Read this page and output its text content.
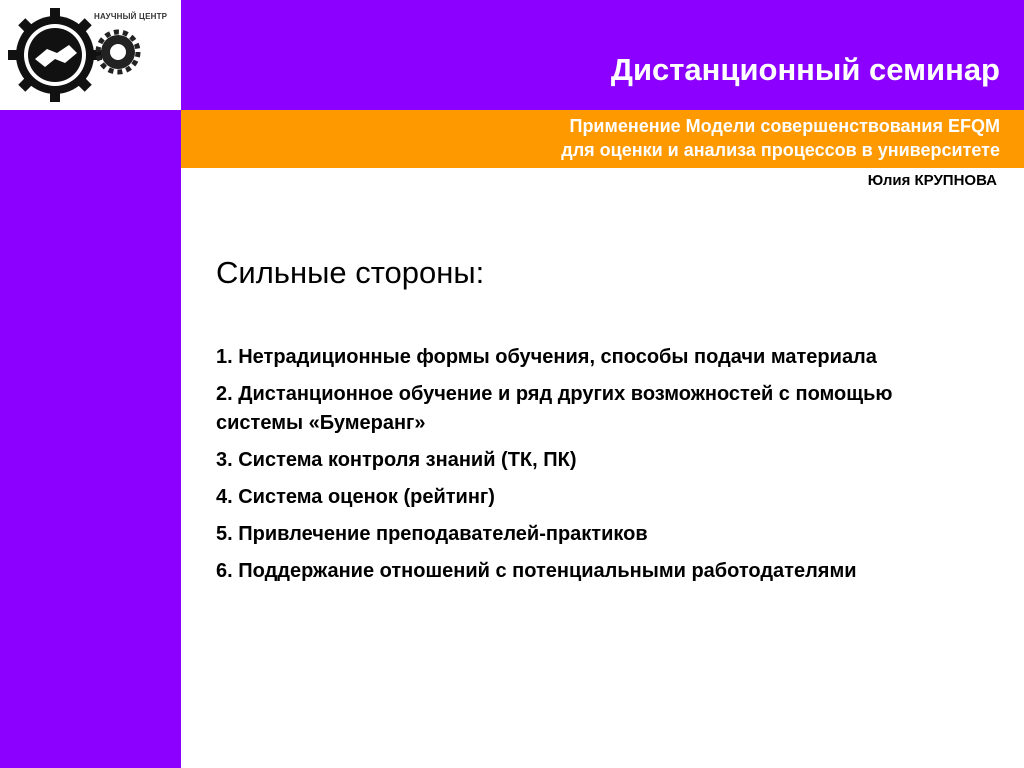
НАУЧНЫЙ ЦЕНТР
Дистанционный семинар
Применение Модели совершенствования EFQM
для оценки и анализа процессов в университете
Юлия КРУПНОВА
Сильные стороны:
1. Нетрадиционные формы обучения, способы подачи материала
2. Дистанционное обучение и ряд других возможностей с помощью системы «Бумеранг»
3. Система контроля знаний (ТК, ПК)
4. Система оценок (рейтинг)
5. Привлечение преподавателей-практиков
6. Поддержание отношений с потенциальными работодателями
